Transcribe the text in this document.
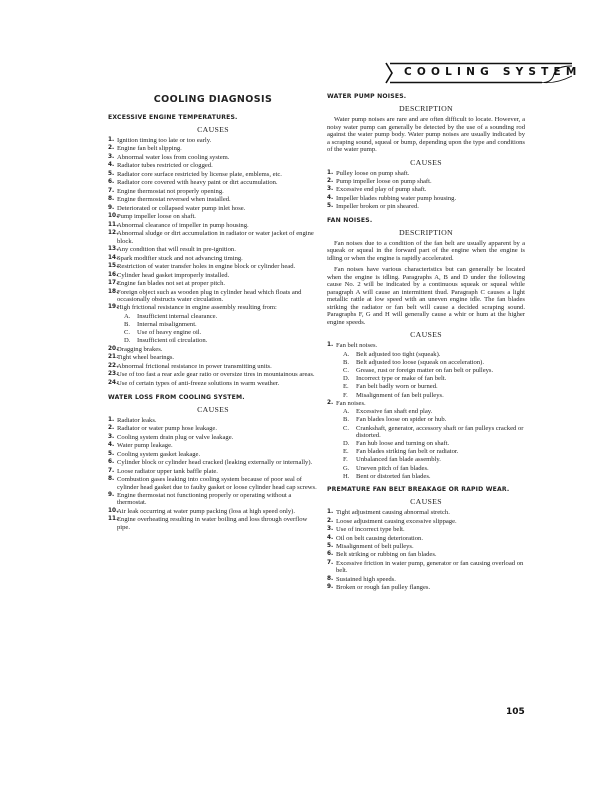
COOLING SYSTEM
COOLING DIAGNOSIS
EXCESSIVE ENGINE TEMPERATURES.
CAUSES
1. Ignition timing too late or too early.
2. Engine fan belt slipping.
3. Abnormal water loss from cooling system.
4. Radiator tubes restricted or clogged.
5. Radiator core surface restricted by license plate, emblems, etc.
6. Radiator core covered with heavy paint or dirt accumulation.
7. Engine thermostat not properly opening.
8. Engine thermostat reversed when installed.
9. Deteriorated or collapsed water pump inlet hose.
10.
Pump impeller loose on shaft.
11.
Abnormal clearance of impeller in pump housing.
12.
Abnormal sludge or dirt accumulation in radiator or water jacket of engine block.
13.
Any condition that will result in pre-ignition.
14.
Spark modifier stuck and not advancing timing.
15.
Restriction of water transfer holes in engine block or cylinder head.
16.
Cylinder head gasket improperly installed.
17.
Engine fan blades not set at proper pitch.
18.
Foreign object such as wooden plug in cylinder head which floats and occasionally obstructs water circulation.
19.
High frictional resistance in engine assembly resulting from:
A. Insufficient internal clearance.
B. Internal misalignment.
C. Use of heavy engine oil.
D. Insufficient oil circulation.
20.
Dragging brakes.
21.
Tight wheel bearings.
22.
Abnormal frictional resistance in power transmitting units.
23.
Use of too fast a rear axle gear ratio or oversize tires in mountainous areas.
24.
Use of certain types of anti-freeze solutions in warm weather.
WATER LOSS FROM COOLING SYSTEM.
CAUSES
1. Radiator leaks.
2. Radiator or water pump hose leakage.
3. Cooling system drain plug or valve leakage.
4. Water pump leakage.
5. Cooling system gasket leakage.
6. Cylinder block or cylinder head cracked (leaking externally or internally).
7. Loose radiator upper tank baffle plate.
8. Combustion gases leaking into cooling system because of poor seal of cylinder head gasket due to faulty gasket or loose cylinder head cap screws.
9. Engine thermostat not functioning properly or operating without a thermostat.
10.
Air leak occurring at water pump packing (loss at high speed only).
11.
Engine overheating resulting in water boiling and loss through overflow pipe.
WATER PUMP NOISES.
DESCRIPTION

Water pump noises are rare and are often difficult to locate. However, a noisy water pump can generally be detected by the use of a sounding rod against the water pump body. Water pump noises are usually indicated by a scraping sound, squeal or bump, depending upon the type and conditions of the water pump.

CAUSES
1. Pulley loose on pump shaft.
2. Pump impeller loose on pump shaft.
3. Excessive end play of pump shaft.
4. Impeller blades rubbing water pump housing.
5. Impeller broken or pin sheared.
FAN NOISES.
DESCRIPTION

Fan noises due to a condition of the fan belt are usually apparent by a squeak or squeal in the forward part of the engine when the engine is idling or when the engine is rapidly accelerated.

Fan noises have various characteristics but can generally be located when the engine is idling. Paragraphs A, B and D under the following cause No. 2 will be indicated by a continuous squeak or squeal while paragraph A will cause an intermittent thud. Paragraph C causes a light metallic rattle at low speed with an uneven engine idle. The fan blades striking the radiator or fan belt will cause a decided scraping sound. Paragraphs F, G and H will generally cause a whir or hum at the higher engine speeds.

CAUSES
1. Fan belt noises.
A. Belt adjusted too tight (squeak).
B. Belt adjusted too loose (squeak on acceleration).
C. Grease, rust or foreign matter on fan belt or pulleys.
D. Incorrect type or make of fan belt.
E. Fan belt badly worn or burned.
F. Misalignment of fan belt pulleys.
2. Fan noises.
A. Excessive fan shaft end play.
B. Fan blades loose on spider or hub.
C. Crankshaft, generator, accessory shaft or fan pulleys cracked or distorted.
D. Fan hub loose and turning on shaft.
E. Fan blades striking fan belt or radiator.
F. Unbalanced fan blade assembly.
G. Uneven pitch of fan blades.
H. Bent or distorted fan blades.
PREMATURE FAN BELT BREAKAGE OR RAPID WEAR.
CAUSES
1. Tight adjustment causing abnormal stretch.
2. Loose adjustment causing excessive slippage.
3. Use of incorrect type belt.
4. Oil on belt causing deterioration.
5. Misalignment of belt pulleys.
6. Belt striking or rubbing on fan blades.
7. Excessive friction in water pump, generator or fan causing overload on belt.
8. Sustained high speeds.
9. Broken or rough fan pulley flanges.
105
